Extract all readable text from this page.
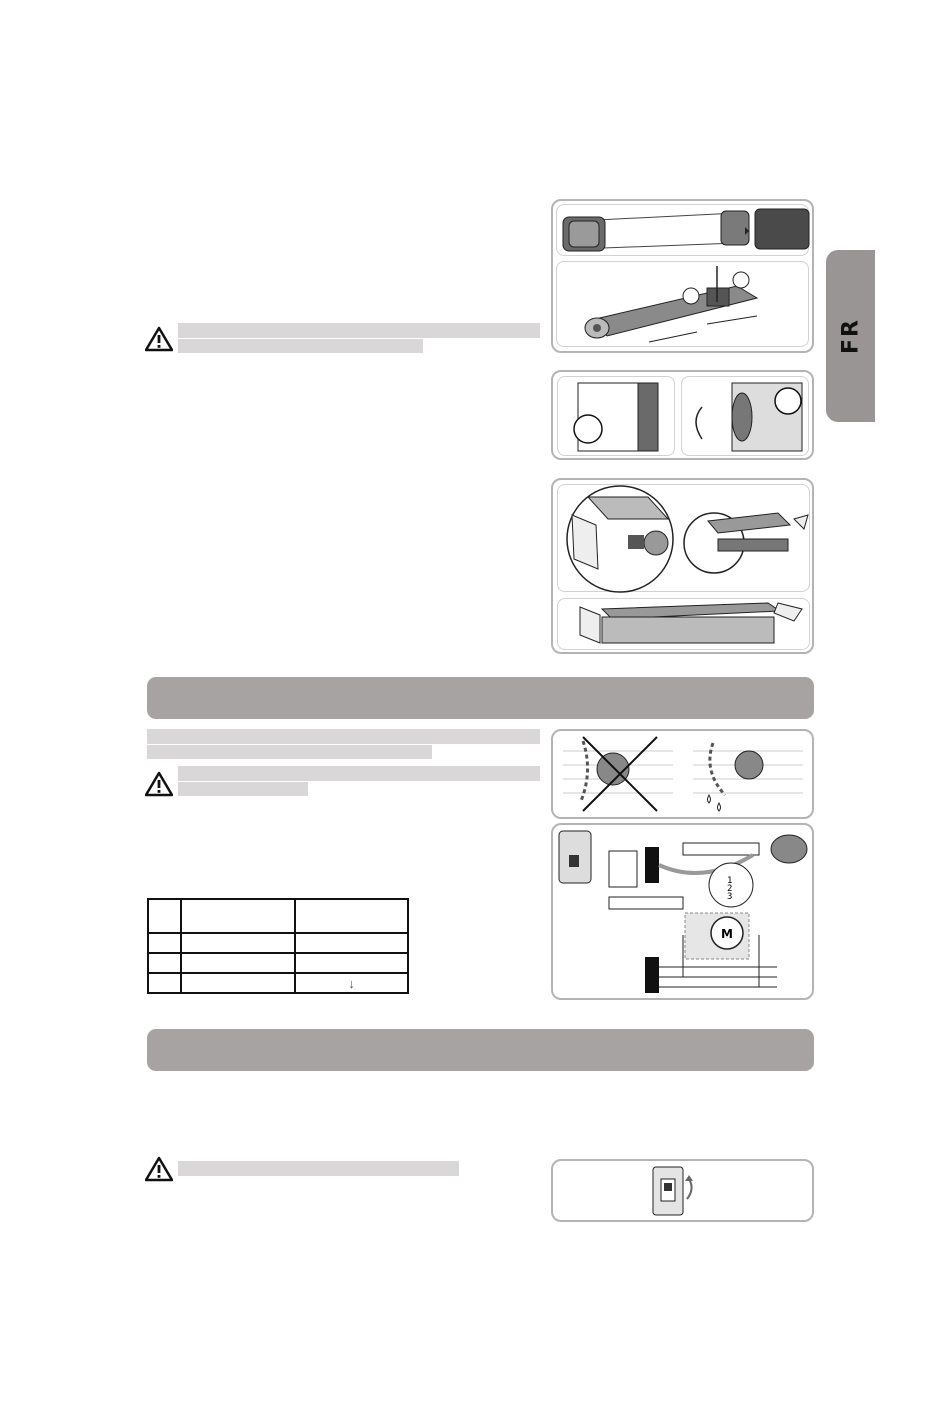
FR
1
2
3
M

		↓
